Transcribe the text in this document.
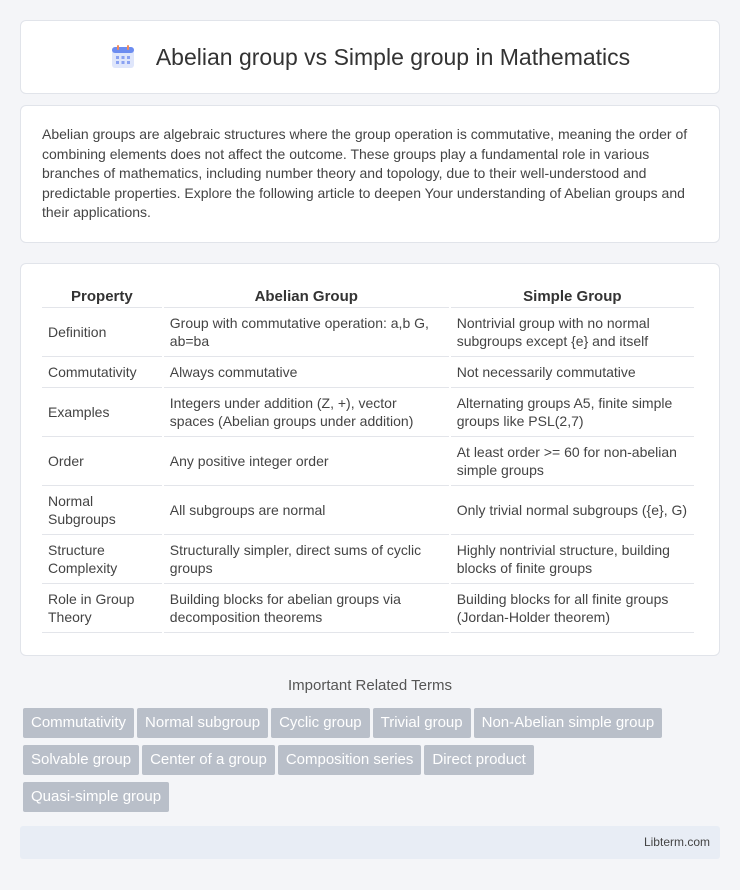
Abelian group vs Simple group in Mathematics

Abelian groups are algebraic structures where the group operation is commutative, meaning the order of combining elements does not affect the outcome. These groups play a fundamental role in various branches of mathematics, including number theory and topology, due to their well-understood and predictable properties. Explore the following article to deepen Your understanding of Abelian groups and their applications.

Property	Abelian Group	Simple Group
Definition	Group with commutative operation: a,b G, ab=ba	Nontrivial group with no normal subgroups except {e} and itself
Commutativity	Always commutative	Not necessarily commutative
Examples	Integers under addition (Z, +), vector spaces (Abelian groups under addition)	Alternating groups A5, finite simple groups like PSL(2,7)
Order	Any positive integer order	At least order >= 60 for non-abelian simple groups
Normal Subgroups	All subgroups are normal	Only trivial normal subgroups ({e}, G)
Structure Complexity	Structurally simpler, direct sums of cyclic groups	Highly nontrivial structure, building blocks of finite groups
Role in Group Theory	Building blocks for abelian groups via decomposition theorems	Building blocks for all finite groups (Jordan-Holder theorem)
Important Related Terms
Commutativity Normal subgroup Cyclic group Trivial group Non-Abelian simple group
Solvable group Center of a group Composition series Direct product
Quasi-simple group
Libterm.com
